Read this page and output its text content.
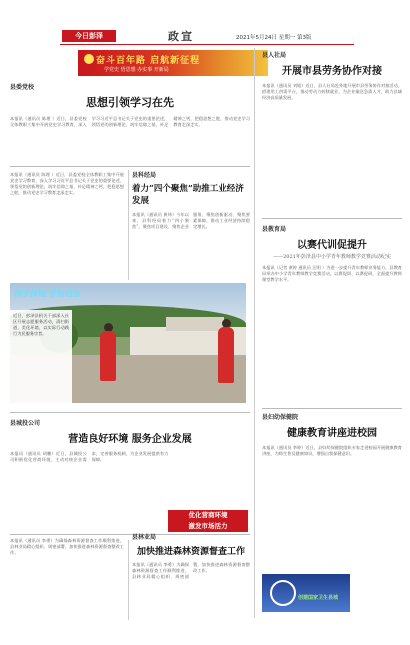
今日彭泽	政宣	2021年5月24日 星期一 第3版
奋斗百年路 启航新征程
学党史 悟思想 办实事 开新局
县委党校
思想引领学习在先
本报讯（通讯员 陈理 ）近日，县委党校全体教职工集中开展党史学习教育，深入学习习近平总书记关于党史的重要论述，领悟党的创新理论，筑牢信仰之基，补足精神之钙，把稳思想之舵，推动党史学习教育走深走实。
县人社局
开展市县劳务协作对接
本报讯（通讯员 刘韬）近日，县人社局赴外地开展市县劳务协作对接活动，搭建用工供需平台，推动劳动力转移就业，为企业输送急需人才，助力县域经济高质量发展。
本报讯（通讯员 陈理 ）近日，县委党校全体教职工集中开展党史学习教育，深入学习习近平总书记关于党史的重要论述，领悟党的创新理论，筑牢信仰之基，补足精神之钙，把稳思想之舵，推动党史学习教育走深走实。
县科经局
着力“四个聚焦”助推工业经济发展
本报讯（通讯员 黄炜）今年以来，县科经局着力“四个聚焦”，聚焦项目建设、聚焦企业服务、聚焦创新驱动、聚焦要素保障，推动工业经济持续稳定增长。
深学深悟 学用结合
近日，彭泽县机关干部深入社区开展志愿服务活动，清扫街道，美化环境，以实际行动践行为民服务宗旨。
县教育局
以赛代训促提升
——2021年彭泽县中小学青年教师教学竞赛活动纪实
本报讯（记者 黄婷 通讯员 汪明 ）为进一步提升青年教师业务能力，县教育局举办中小学青年教师教学竞赛活动，以赛促训、以赛促研，全面提升教师课堂教学水平。
县城投公司
营造良好环境 服务企业发展
本报讯（通讯员 胡鹏）近日，县城投公司积极优化营商环境，主动对接企业需求，完善服务机制，为企业发展提供有力保障。
优化营商环境
激发市场活力
本报讯（通讯员 李勇）为确保森林资源督查工作顺利推进，县林业局精心组织、周密部署，加快推进森林资源督查整改工作。
县林业局
加快推进森林资源督查工作
本报讯（通讯员 李勇）为确保森林资源督查工作顺利推进，县林业局精心组织、周密部署，加快推进森林资源督查整改工作。
县妇幼保健院
健康教育讲座进校园
本报讯（通讯员 李婷）近日，县妇幼保健院组织专家走进校园开展健康教育讲座，为师生普及健康知识，增强自我保健意识。
创建国家卫生县城
